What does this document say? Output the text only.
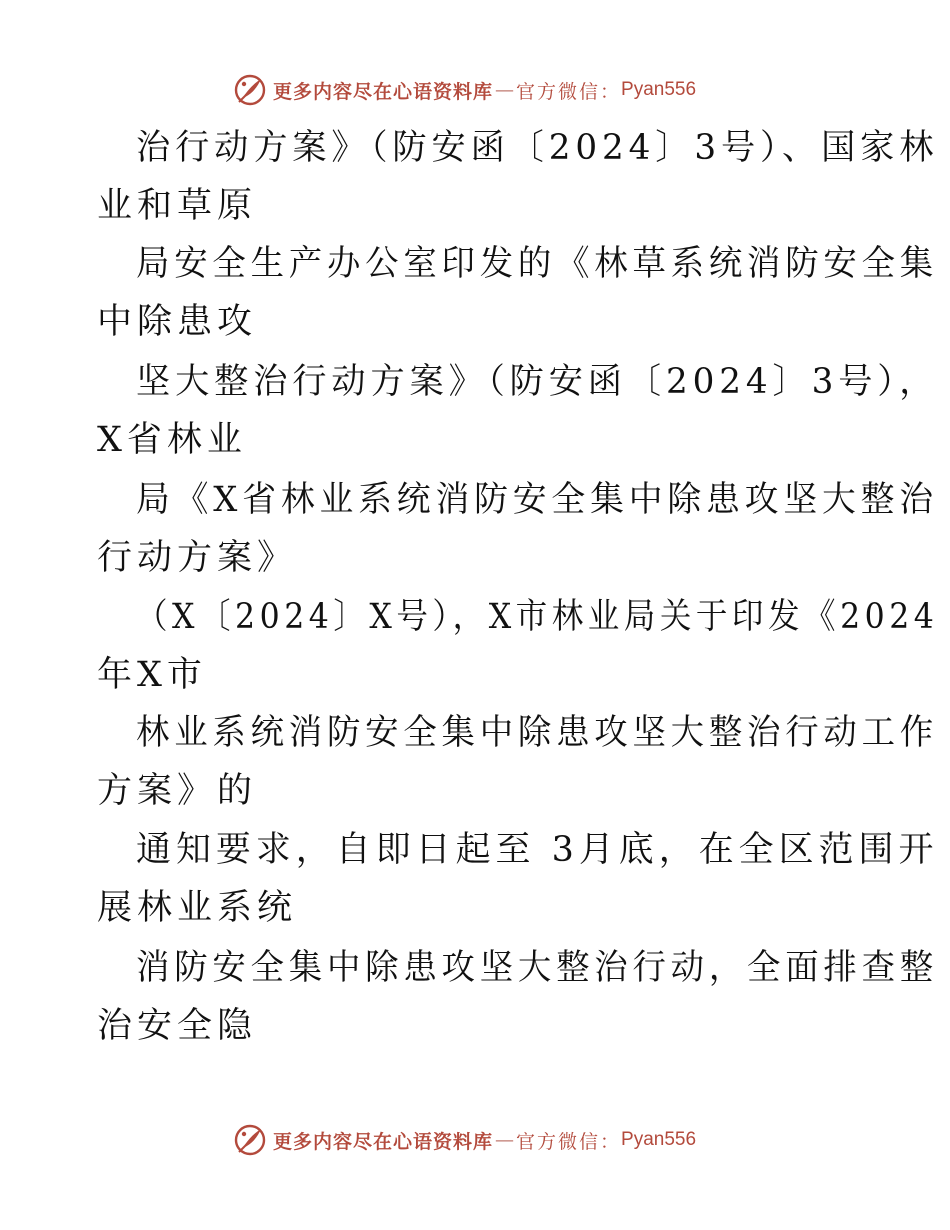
更多内容尽在心语资料库 — 官方微信： Pyan556
治行动方案》（防安函〔2024〕3号）、国家林
业和草原
局安全生产办公室印发的《林草系统消防安全集
中除患攻
坚大整治行动方案》（防安函〔2024〕3号），
X省林业
局《X省林业系统消防安全集中除患攻坚大整治
行动方案》
（X〔2024〕X号），X市林业局关于印发《2024
年X市
林业系统消防安全集中除患攻坚大整治行动工作
方案》的
通知要求，自即日起至 3月底，在全区范围开
展林业系统
消防安全集中除患攻坚大整治行动，全面排查整
治安全隐
更多内容尽在心语资料库 — 官方微信： Pyan556
